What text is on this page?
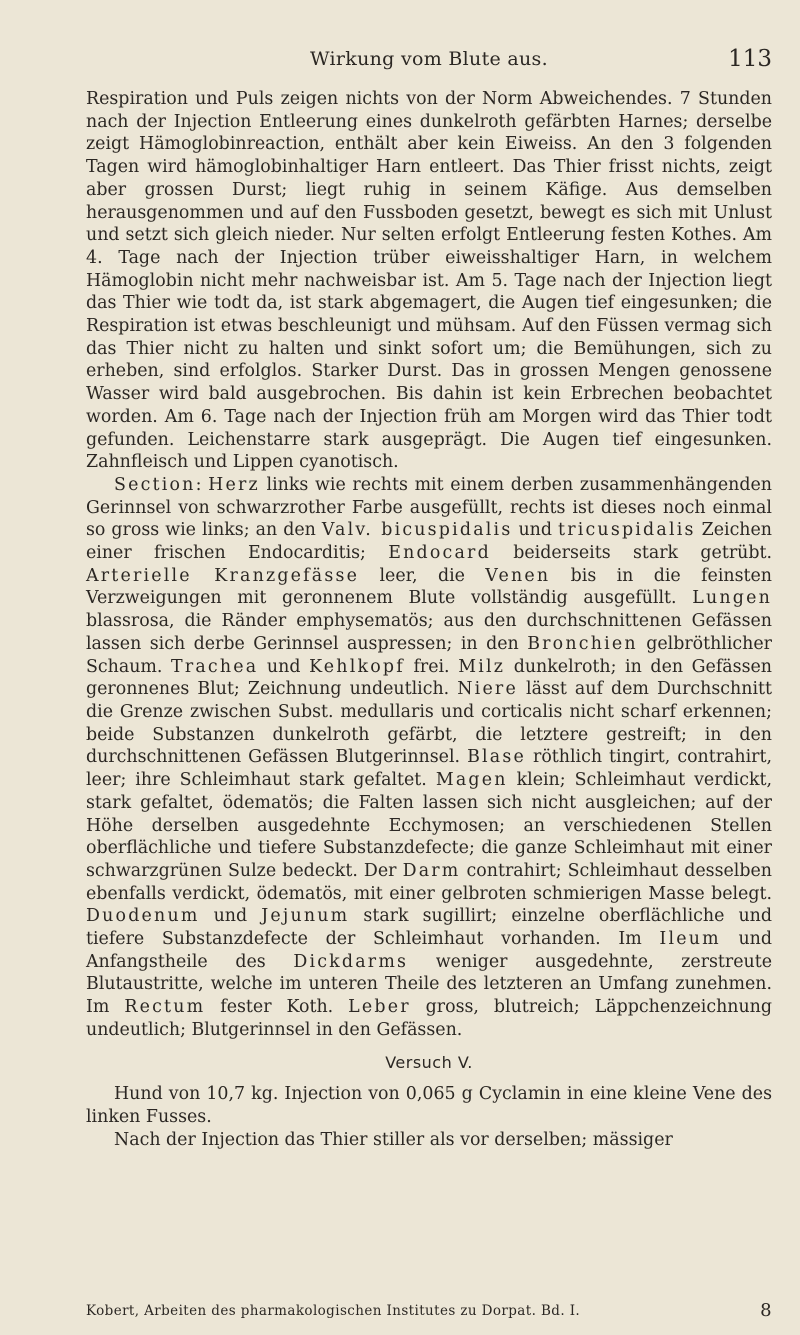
Wirkung vom Blute aus.	113

Respiration und Puls zeigen nichts von der Norm Abweichendes. 7 Stunden nach der Injection Entleerung eines dunkelroth gefärbten Harnes; derselbe zeigt Hämoglobinreaction, enthält aber kein Eiweiss. An den 3 folgenden Tagen wird hämoglobinhaltiger Harn entleert. Das Thier frisst nichts, zeigt aber grossen Durst; liegt ruhig in seinem Käfige. Aus demselben herausgenommen und auf den Fussboden gesetzt, bewegt es sich mit Unlust und setzt sich gleich nieder. Nur selten erfolgt Entleerung festen Kothes. Am 4. Tage nach der Injection trüber eiweisshaltiger Harn, in welchem Hämoglobin nicht mehr nachweisbar ist. Am 5. Tage nach der Injection liegt das Thier wie todt da, ist stark abgemagert, die Augen tief eingesunken; die Respiration ist etwas beschleunigt und mühsam. Auf den Füssen vermag sich das Thier nicht zu halten und sinkt sofort um; die Bemühungen, sich zu erheben, sind erfolglos. Starker Durst. Das in grossen Mengen genossene Wasser wird bald ausgebrochen. Bis dahin ist kein Erbrechen beobachtet worden. Am 6. Tage nach der Injection früh am Morgen wird das Thier todt gefunden. Leichenstarre stark ausgeprägt. Die Augen tief eingesunken. Zahnfleisch und Lippen cyanotisch.

Section: Herz links wie rechts mit einem derben zusammenhängenden Gerinnsel von schwarzrother Farbe ausgefüllt, rechts ist dieses noch einmal so gross wie links; an den Valv. bicuspidalis und tricuspidalis Zeichen einer frischen Endocarditis; Endocard beiderseits stark getrübt. Arterielle Kranzgefässe leer, die Venen bis in die feinsten Verzweigungen mit geronnenem Blute vollständig ausgefüllt. Lungen blassrosa, die Ränder emphysematös; aus den durchschnittenen Gefässen lassen sich derbe Gerinnsel auspressen; in den Bronchien gelbröthlicher Schaum. Trachea und Kehlkopf frei. Milz dunkelroth; in den Gefässen geronnenes Blut; Zeichnung undeutlich. Niere lässt auf dem Durchschnitt die Grenze zwischen Subst. medullaris und corticalis nicht scharf erkennen; beide Substanzen dunkelroth gefärbt, die letztere gestreift; in den durchschnittenen Gefässen Blutgerinnsel. Blase röthlich tingirt, contrahirt, leer; ihre Schleimhaut stark gefaltet. Magen klein; Schleimhaut verdickt, stark gefaltet, ödematös; die Falten lassen sich nicht ausgleichen; auf der Höhe derselben ausgedehnte Ecchymosen; an verschiedenen Stellen oberflächliche und tiefere Substanzdefecte; die ganze Schleimhaut mit einer schwarzgrünen Sulze bedeckt. Der Darm contrahirt; Schleimhaut desselben ebenfalls verdickt, ödematös, mit einer gelbroten schmierigen Masse belegt. Duodenum und Jejunum stark sugillirt; einzelne oberflächliche und tiefere Substanzdefecte der Schleimhaut vorhanden. Im Ileum und Anfangstheile des Dickdarms weniger ausgedehnte, zerstreute Blutaustritte, welche im unteren Theile des letzteren an Umfang zunehmen. Im Rectum fester Koth. Leber gross, blutreich; Läppchenzeichnung undeutlich; Blutgerinnsel in den Gefässen.

Versuch V.

Hund von 10,7 kg. Injection von 0,065 g Cyclamin in eine kleine Vene des linken Fusses.

Nach der Injection das Thier stiller als vor derselben; mässiger

Kobert, Arbeiten des pharmakologischen Institutes zu Dorpat. Bd. I.	8
